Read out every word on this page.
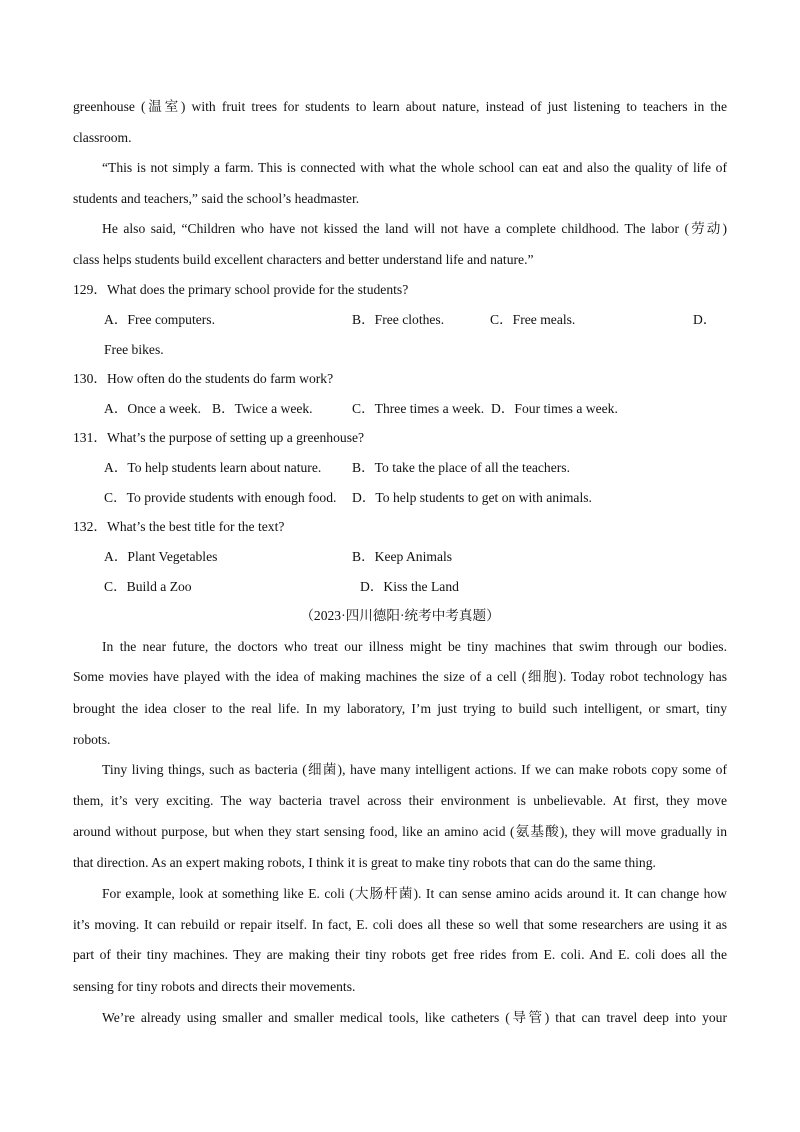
greenhouse (温室) with fruit trees for students to learn about nature, instead of just listening to teachers in the
classroom.
“This is not simply a farm. This is connected with what the whole school can eat and also the quality of life of
students and teachers,” said the school’s headmaster.
He also said, “Children who have not kissed the land will not have a complete childhood. The labor (劳动)
class helps students build excellent characters and better understand life and nature.”
129．What does the primary school provide for the students?
A．Free computers.	B．Free clothes.	C．Free meals.	D．
Free bikes.
130．How often do the students do farm work?
A．Once a week. B．Twice a week.	C．Three times a week. D．Four times a week.
131．What’s the purpose of setting up a greenhouse?
A．To help students learn about nature. B．To take the place of all the teachers.
C．To provide students with enough food. D．To help students to get on with animals.
132．What’s the best title for the text?
A．Plant Vegetables	B．Keep Animals
C．Build a Zoo	D．Kiss the Land
（2023·四川德阳·统考中考真题）
In the near future, the doctors who treat our illness might be tiny machines that swim through our bodies.
Some movies have played with the idea of making machines the size of a cell (细胞). Today robot technology has
brought the idea closer to the real life. In my laboratory, I’m just trying to build such intelligent, or smart, tiny
robots.
Tiny living things, such as bacteria (细菌), have many intelligent actions. If we can make robots copy some of
them, it’s very exciting. The way bacteria travel across their environment is unbelievable. At first, they move
around without purpose, but when they start sensing food, like an amino acid (氨基酸), they will move gradually in
that direction. As an expert making robots, I think it is great to make tiny robots that can do the same thing.
For example, look at something like E. coli (大肠杆菌). It can sense amino acids around it. It can change how
it’s moving. It can rebuild or repair itself. In fact, E. coli does all these so well that some researchers are using it as
part of their tiny machines. They are making their tiny robots get free rides from E. coli. And E. coli does all the
sensing for tiny robots and directs their movements.
We’re already using smaller and smaller medical tools, like catheters (导管) that can travel deep into your
